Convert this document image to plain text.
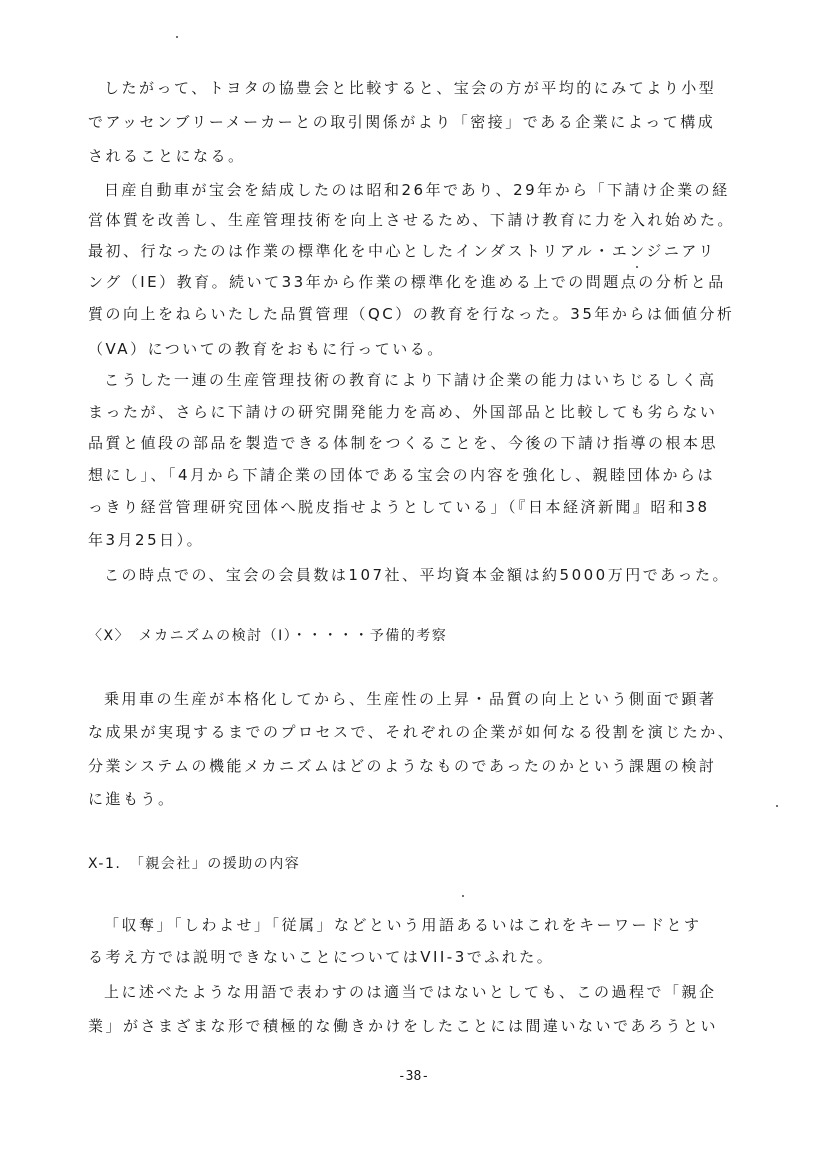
したがって、トヨタの協豊会と比較すると、宝会の方が平均的にみてより小型
でアッセンブリーメーカーとの取引関係がより「密接」である企業によって構成
されることになる。
日産自動車が宝会を結成したのは昭和26年であり、29年から「下請け企業の経
営体質を改善し、生産管理技術を向上させるため、下請け教育に力を入れ始めた。
最初、行なったのは作業の標準化を中心としたインダストリアル・エンジニアリ
ング（IE）教育。続いて33年から作業の標準化を進める上での問題点の分析と品
質の向上をねらいたした品質管理（QC）の教育を行なった。35年からは価値分析
（VA）についての教育をおもに行っている。
こうした一連の生産管理技術の教育により下請け企業の能力はいちじるしく高
まったが、さらに下請けの研究開発能力を高め、外国部品と比較しても劣らない
品質と値段の部品を製造できる体制をつくることを、今後の下請け指導の根本思
想にし」、「4月から下請企業の団体である宝会の内容を強化し、親睦団体からは
っきり経営管理研究団体へ脱皮指せようとしている」（『日本経済新聞』昭和38
年3月25日）。
この時点での、宝会の会員数は107社、平均資本金額は約5000万円であった。
〈X〉　メカニズムの検討（I）・・・・・予備的考察
乗用車の生産が本格化してから、生産性の上昇・品質の向上という側面で顕著
な成果が実現するまでのプロセスで、それぞれの企業が如何なる役割を演じたか、
分業システムの機能メカニズムはどのようなものであったのかという課題の検討
に進もう。
X-1.　「親会社」の援助の内容
「収奪」「しわよせ」「従属」などという用語あるいはこれをキーワードとす
る考え方では説明できないことについてはVII-3でふれた。
上に述べたような用語で表わすのは適当ではないとしても、この過程で「親企
業」がさまざまな形で積極的な働きかけをしたことには間違いないであろうとい
-38-
